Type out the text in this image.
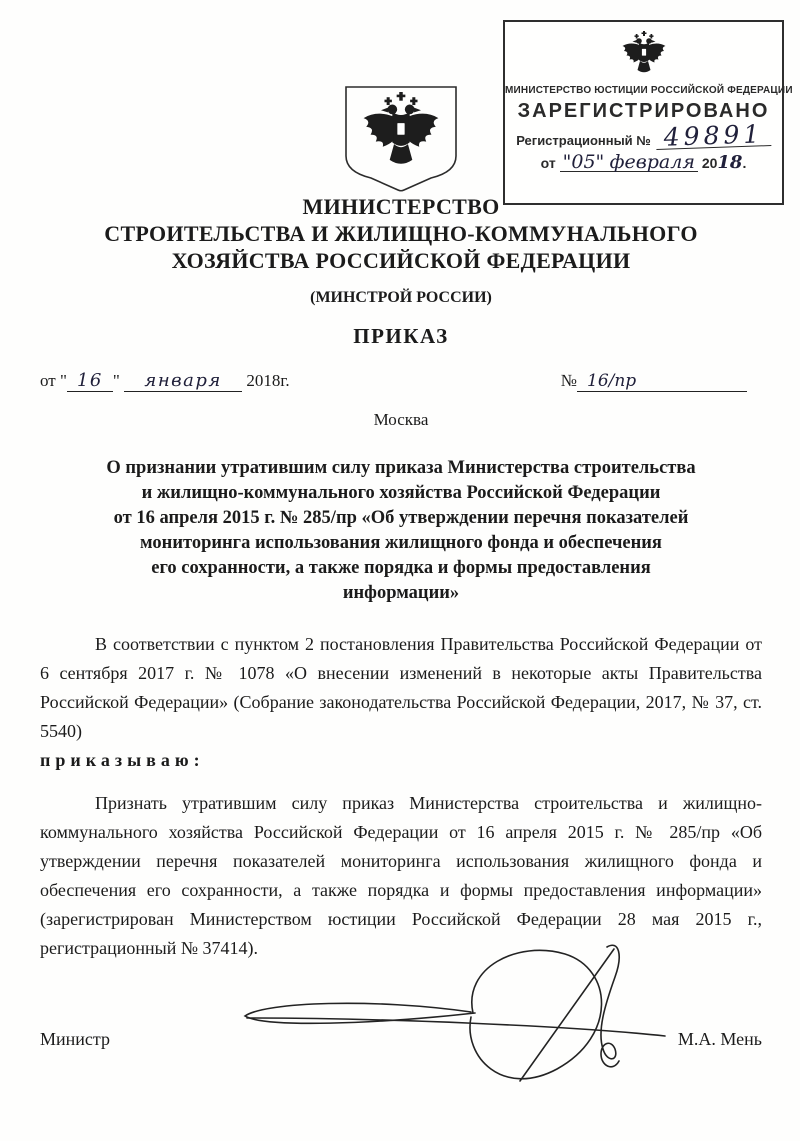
МИНИСТЕРСТВО ЮСТИЦИИ РОССИЙСКОЙ ФЕДЕРАЦИИ
ЗАРЕГИСТРИРОВАНО
Регистрационный № 49891
от "05" февраля 2018.
МИНИСТЕРСТВО
СТРОИТЕЛЬСТВА И ЖИЛИЩНО-КОММУНАЛЬНОГО
ХОЗЯЙСТВА РОССИЙСКОЙ ФЕДЕРАЦИИ
(МИНСТРОЙ РОССИИ)
ПРИКАЗ
от " 16 " января 2018г.	№ 16/пр
Москва
О признании утратившим силу приказа Министерства строительства
и жилищно-коммунального хозяйства Российской Федерации
от 16 апреля 2015 г. № 285/пр «Об утверждении перечня показателей
мониторинга использования жилищного фонда и обеспечения
его сохранности, а также порядка и формы предоставления
информации»

В соответствии с пунктом 2 постановления Правительства Российской Федерации от 6 сентября 2017 г. № 1078 «О внесении изменений в некоторые акты Правительства Российской Федерации» (Собрание законодательства Российской Федерации, 2017, № 37, ст. 5540)

приказываю:

Признать утратившим силу приказ Министерства строительства и жилищно-коммунального хозяйства Российской Федерации от 16 апреля 2015 г. № 285/пр «Об утверждении перечня показателей мониторинга использования жилищного фонда и обеспечения его сохранности, а также порядка и формы предоставления информации» (зарегистрирован Министерством юстиции Российской Федерации 28 мая 2015 г., регистрационный № 37414).

Министр	М.А. Мень
